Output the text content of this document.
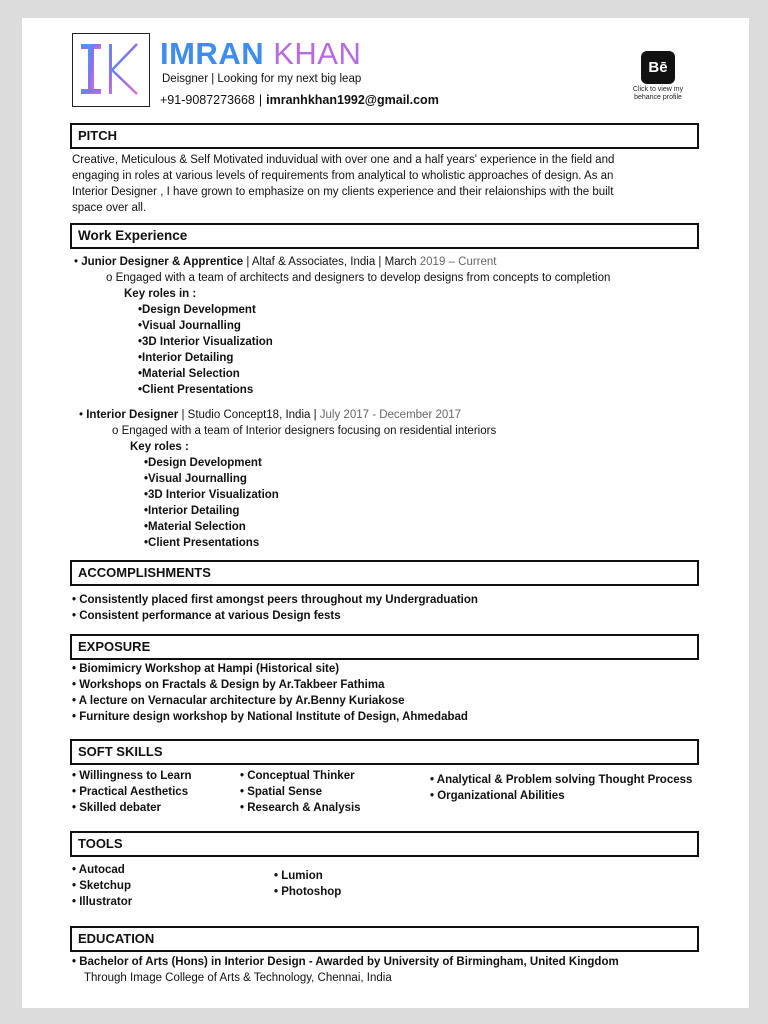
IMRAN KHAN
Deisgner | Looking for my next big leap
+91-9087273668 | imranhkhan1992@gmail.com
Bē
Click to view my
behance profile
PITCH
Creative, Meticulous & Self Motivated induvidual with over one and a half years' experience in the field and
engaging in roles at various levels of requirements from analytical to wholistic approaches of design. As an
Interior Designer , I have grown to emphasize on my clients experience and their relaionships with the built
space over all.
Work Experience
• Junior Designer & Apprentice | Altaf & Associates, India | March 2019 – Current
o Engaged with a team of architects and designers to develop designs from concepts to completion
Key roles in :
•Design Development
•Visual Journalling
•3D Interior Visualization
•Interior Detailing
•Material Selection
•Client Presentations
• Interior Designer | Studio Concept18, India | July 2017 - December 2017
o Engaged with a team of Interior designers focusing on residential interiors
Key roles :
•Design Development
•Visual Journalling
•3D Interior Visualization
•Interior Detailing
•Material Selection
•Client Presentations
ACCOMPLISHMENTS
• Consistently placed first amongst peers throughout my Undergraduation
• Consistent performance at various Design fests
EXPOSURE
• Biomimicry Workshop at Hampi (Historical site)
• Workshops on Fractals & Design by Ar.Takbeer Fathima
• A lecture on Vernacular architecture by Ar.Benny Kuriakose
• Furniture design workshop by National Institute of Design, Ahmedabad
SOFT SKILLS
• Willingness to Learn
• Practical Aesthetics
• Skilled debater
• Conceptual Thinker
• Spatial Sense
• Research & Analysis
• Analytical & Problem solving Thought Process
• Organizational Abilities
TOOLS
• Autocad
• Sketchup
• Illustrator
• Lumion
• Photoshop
EDUCATION
• Bachelor of Arts (Hons) in Interior Design - Awarded by University of Birmingham, United Kingdom
Through Image College of Arts & Technology, Chennai, India
